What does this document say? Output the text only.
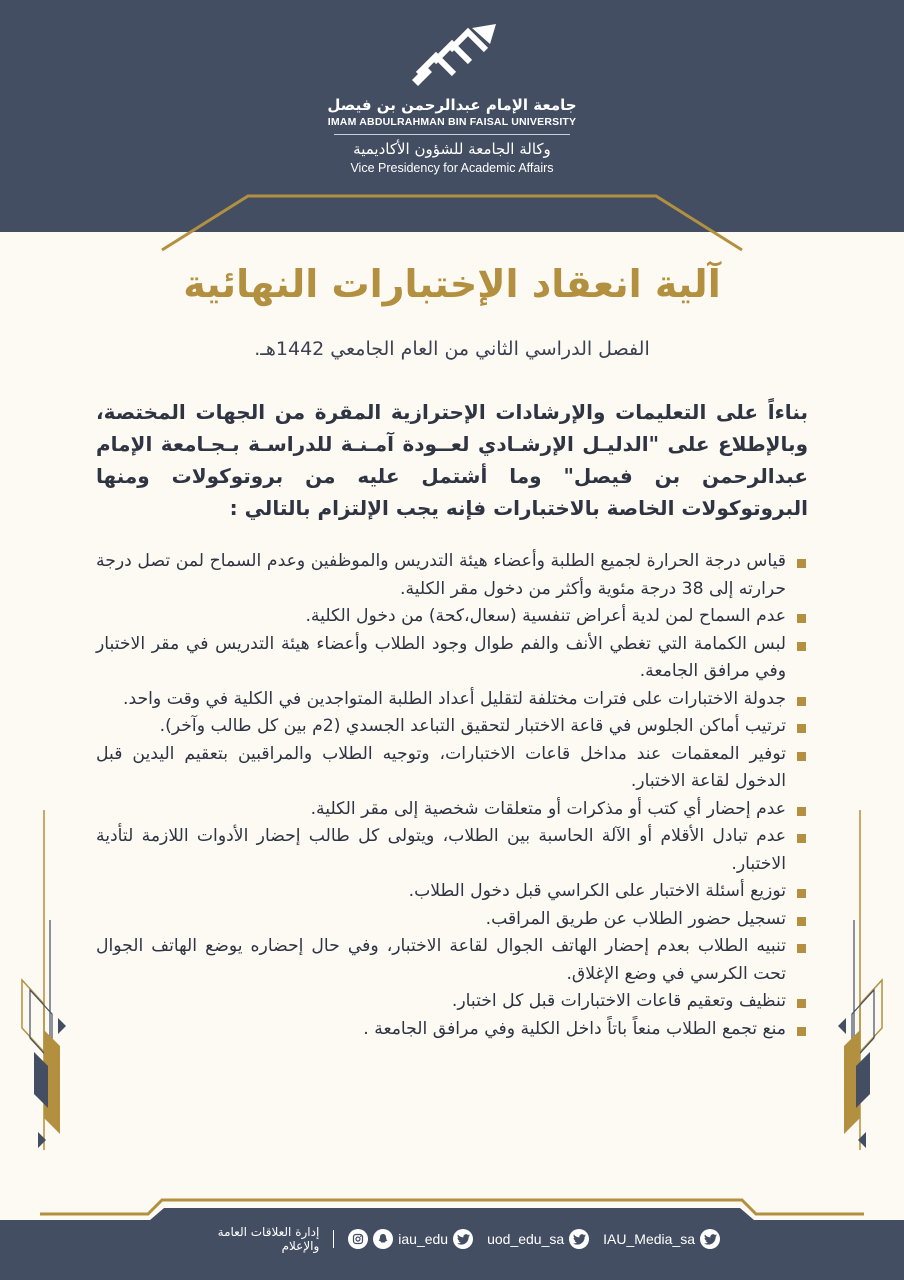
جامعة الإمام عبدالرحمن بن فيصل
IMAM ABDULRAHMAN BIN FAISAL UNIVERSITY
وكالة الجامعة للشؤون الأكاديمية
Vice Presidency for Academic Affairs
آلية انعقاد الإختبارات النهائية
الفصل الدراسي الثاني من العام الجامعي 1442هـ.

بناءاً على التعليمات والإرشادات الإحترازية المقرة من الجهات المختصة، وبالإطلاع على "الدليـل الإرشـادي لعــودة آمـنـة للدراسـة بـجـامعة الإمام عبدالرحمن بن فيصل" وما أشتمل عليه من بروتوكولات ومنها البروتوكولات الخاصة بالاختبارات فإنه يجب الإلتزام بالتالي :

قياس درجة الحرارة لجميع الطلبة وأعضاء هيئة التدريس والموظفين وعدم السماح لمن تصل درجة حرارته إلى 38 درجة مئوية وأكثر من دخول مقر الكلية.
عدم السماح لمن لدية أعراض تنفسية (سعال،كحة) من دخول الكلية.
لبس الكمامة التي تغطي الأنف والفم طوال وجود الطلاب وأعضاء هيئة التدريس في مقر الاختبار وفي مرافق الجامعة.
جدولة الاختبارات على فترات مختلفة لتقليل أعداد الطلبة المتواجدين في الكلية في وقت واحد.
ترتيب أماكن الجلوس في قاعة الاختبار لتحقيق التباعد الجسدي (2م بين كل طالب وآخر).
توفير المعقمات عند مداخل قاعات الاختبارات، وتوجيه الطلاب والمراقبين بتعقيم اليدين قبل الدخول لقاعة الاختبار.
عدم إحضار أي كتب أو مذكرات أو متعلقات شخصية إلى مقر الكلية.
عدم تبادل الأقلام أو الآلة الحاسبة بين الطلاب، ويتولى كل طالب إحضار الأدوات اللازمة لتأدية الاختبار.
توزيع أسئلة الاختبار على الكراسي قبل دخول الطلاب.
تسجيل حضور الطلاب عن طريق المراقب.
تنبيه الطلاب بعدم إحضار الهاتف الجوال لقاعة الاختبار، وفي حال إحضاره يوضع الهاتف الجوال تحت الكرسي في وضع الإغلاق.
تنظيف وتعقيم قاعات الاختبارات قبل كل اختبار.
منع تجمع الطلاب منعاً باتاً داخل الكلية وفي مرافق الجامعة .
IAU_Media_sa
uod_edu_sa
iau_edu
إدارة العلاقات العامة والإعلام
